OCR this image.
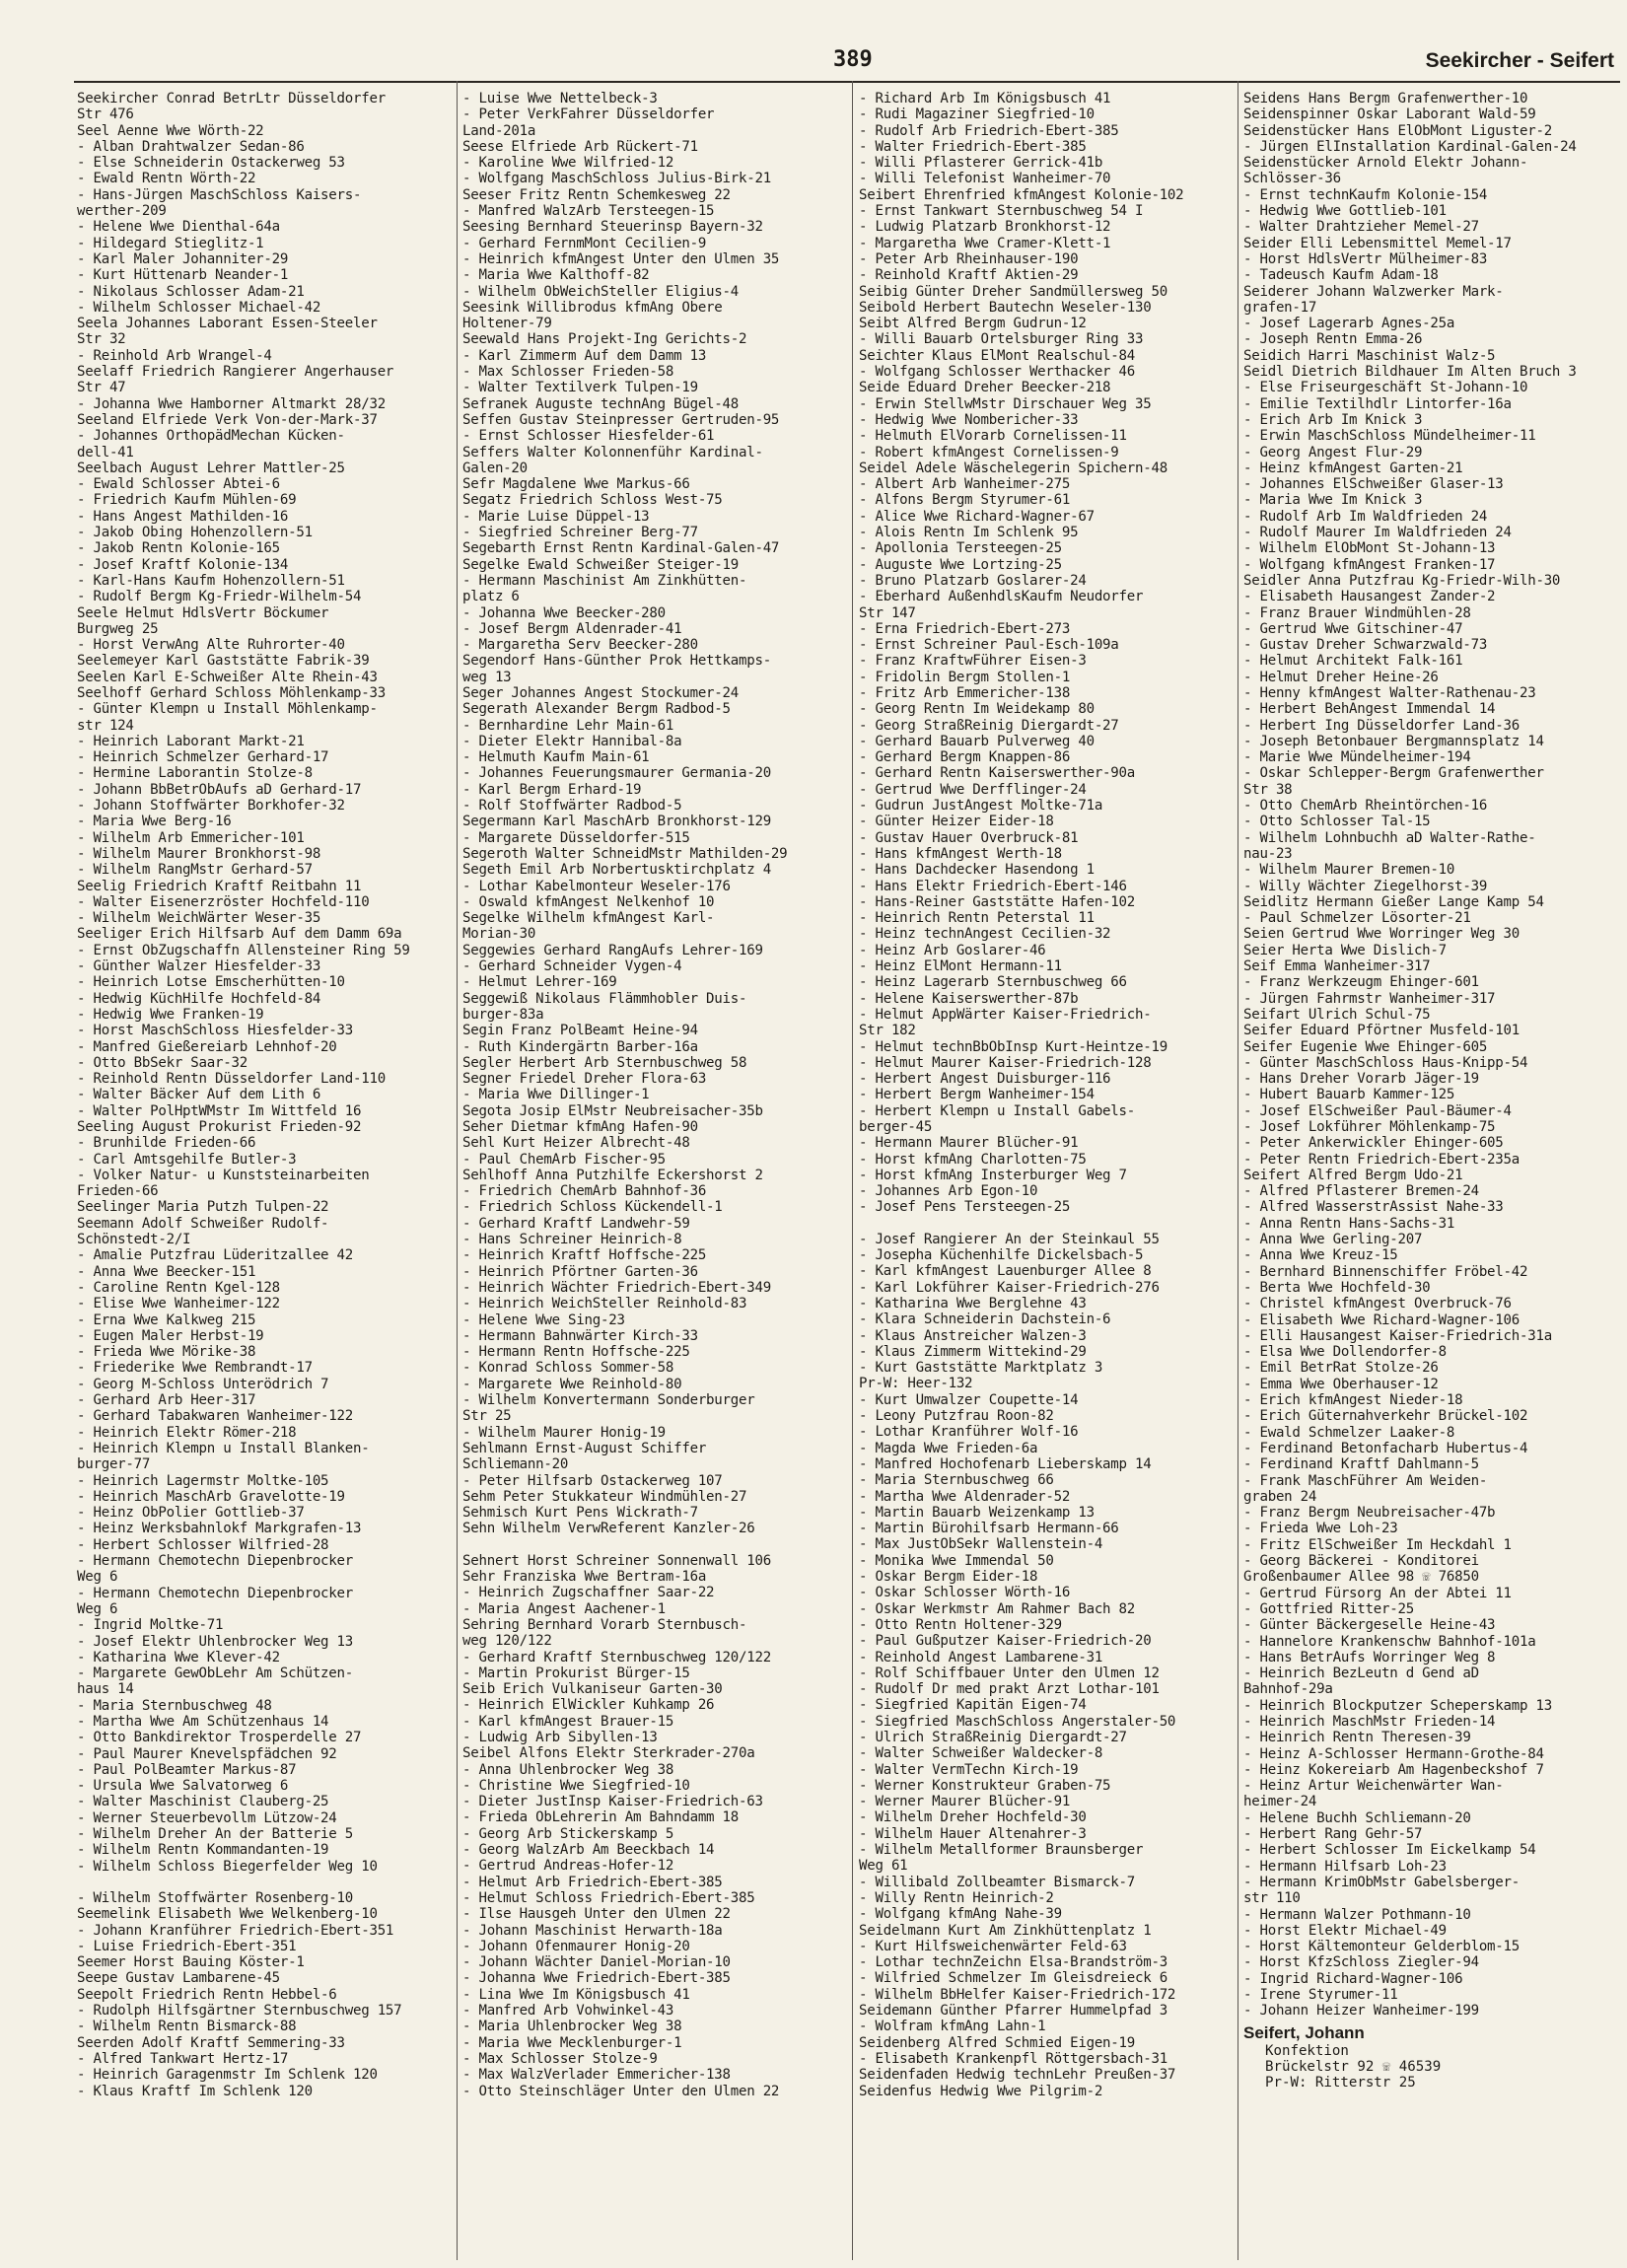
389	Seekircher - Seifert
Seekircher Conrad BetrLtr Düsseldorfer
Str 476
Seel Aenne Wwe Wörth-22
- Alban Drahtwalzer Sedan-86
- Else Schneiderin Ostackerweg 53
- Ewald Rentn Wörth-22
- Hans-Jürgen MaschSchloss Kaisers-
werther-209
- Helene Wwe Dienthal-64a
- Hildegard Stieglitz-1
- Karl Maler Johanniter-29
- Kurt Hüttenarb Neander-1
- Nikolaus Schlosser Adam-21
- Wilhelm Schlosser Michael-42
Seela Johannes Laborant Essen-Steeler
Str 32
- Reinhold Arb Wrangel-4
Seelaff Friedrich Rangierer Angerhauser
Str 47
- Johanna Wwe Hamborner Altmarkt 28/32
Seeland Elfriede Verk Von-der-Mark-37
- Johannes OrthopädMechan Kücken-
dell-41
Seelbach August Lehrer Mattler-25
- Ewald Schlosser Abtei-6
- Friedrich Kaufm Mühlen-69
- Hans Angest Mathilden-16
- Jakob Obing Hohenzollern-51
- Jakob Rentn Kolonie-165
- Josef Kraftf Kolonie-134
- Karl-Hans Kaufm Hohenzollern-51
- Rudolf Bergm Kg-Friedr-Wilhelm-54
Seele Helmut HdlsVertr Böckumer
Burgweg 25
- Horst VerwAng Alte Ruhrorter-40
Seelemeyer Karl Gaststätte Fabrik-39
Seelen Karl E-Schweißer Alte Rhein-43
Seelhoff Gerhard Schloss Möhlenkamp-33
- Günter Klempn u Install Möhlenkamp-
str 124
- Heinrich Laborant Markt-21
- Heinrich Schmelzer Gerhard-17
- Hermine Laborantin Stolze-8
- Johann BbBetrObAufs aD Gerhard-17
- Johann Stoffwärter Borkhofer-32
- Maria Wwe Berg-16
- Wilhelm Arb Emmericher-101
- Wilhelm Maurer Bronkhorst-98
- Wilhelm RangMstr Gerhard-57
Seelig Friedrich Kraftf Reitbahn 11
- Walter Eisenerzröster Hochfeld-110
- Wilhelm WeichWärter Weser-35
Seeliger Erich Hilfsarb Auf dem Damm 69a
- Ernst ObZugschaffn Allensteiner Ring 59
- Günther Walzer Hiesfelder-33
- Heinrich Lotse Emscherhütten-10
- Hedwig KüchHilfe Hochfeld-84
- Hedwig Wwe Franken-19
- Horst MaschSchloss Hiesfelder-33
- Manfred Gießereiarb Lehnhof-20
- Otto BbSekr Saar-32
- Reinhold Rentn Düsseldorfer Land-110
- Walter Bäcker Auf dem Lith 6
- Walter PolHptWMstr Im Wittfeld 16
Seeling August Prokurist Frieden-92
- Brunhilde Frieden-66
- Carl Amtsgehilfe Butler-3
- Volker Natur- u Kunststeinarbeiten
Frieden-66
Seelinger Maria Putzh Tulpen-22
Seemann Adolf Schweißer Rudolf-
Schönstedt-2/I
- Amalie Putzfrau Lüderitzallee 42
- Anna Wwe Beecker-151
- Caroline Rentn Kgel-128
- Elise Wwe Wanheimer-122
- Erna Wwe Kalkweg 215
- Eugen Maler Herbst-19
- Frieda Wwe Mörike-38
- Friederike Wwe Rembrandt-17
- Georg M-Schloss Unterödrich 7
- Gerhard Arb Heer-317
- Gerhard Tabakwaren Wanheimer-122
- Heinrich Elektr Römer-218
- Heinrich Klempn u Install Blanken-
burger-77
- Heinrich Lagermstr Moltke-105
- Heinrich MaschArb Gravelotte-19
- Heinz ObPolier Gottlieb-37
- Heinz Werksbahnlokf Markgrafen-13
- Herbert Schlosser Wilfried-28
- Hermann Chemotechn Diepenbrocker
Weg 6
- Hermann Chemotechn Diepenbrocker
Weg 6
- Ingrid Moltke-71
- Josef Elektr Uhlenbrocker Weg 13
- Katharina Wwe Klever-42
- Margarete GewObLehr Am Schützen-
haus 14
- Maria Sternbuschweg 48
- Martha Wwe Am Schützenhaus 14
- Otto Bankdirektor Trosperdelle 27
- Paul Maurer Knevelspfädchen 92
- Paul PolBeamter Markus-87
- Ursula Wwe Salvatorweg 6
- Walter Maschinist Clauberg-25
- Werner Steuerbevollm Lützow-24
- Wilhelm Dreher An der Batterie 5
- Wilhelm Rentn Kommandanten-19
- Wilhelm Schloss Biegerfelder Weg 10
- Wilhelm Stoffwärter Rosenberg-10
Seemelink Elisabeth Wwe Welkenberg-10
- Johann Kranführer Friedrich-Ebert-351
- Luise Friedrich-Ebert-351
Seemer Horst Bauing Köster-1
Seepe Gustav Lambarene-45
Seepolt Friedrich Rentn Hebbel-6
- Rudolph Hilfsgärtner Sternbuschweg 157
- Wilhelm Rentn Bismarck-88
Seerden Adolf Kraftf Semmering-33
- Alfred Tankwart Hertz-17
- Heinrich Garagenmstr Im Schlenk 120
- Klaus Kraftf Im Schlenk 120
- Luise Wwe Nettelbeck-3
- Peter VerkFahrer Düsseldorfer
Land-201a
Seese Elfriede Arb Rückert-71
- Karoline Wwe Wilfried-12
- Wolfgang MaschSchloss Julius-Birk-21
Seeser Fritz Rentn Schemkesweg 22
- Manfred WalzArb Tersteegen-15
Seesing Bernhard Steuerinsp Bayern-32
- Gerhard FernmMont Cecilien-9
- Heinrich kfmAngest Unter den Ulmen 35
- Maria Wwe Kalthoff-82
- Wilhelm ObWeichSteller Eligius-4
Seesink Willibrodus kfmAng Obere
Holtener-79
Seewald Hans Projekt-Ing Gerichts-2
- Karl Zimmerm Auf dem Damm 13
- Max Schlosser Frieden-58
- Walter Textilverk Tulpen-19
Sefranek Auguste technAng Bügel-48
Seffen Gustav Steinpresser Gertruden-95
- Ernst Schlosser Hiesfelder-61
Seffers Walter Kolonnenführ Kardinal-
Galen-20
Sefr Magdalene Wwe Markus-66
Segatz Friedrich Schloss West-75
- Marie Luise Düppel-13
- Siegfried Schreiner Berg-77
Segebarth Ernst Rentn Kardinal-Galen-47
Segelke Ewald Schweißer Steiger-19
- Hermann Maschinist Am Zinkhütten-
platz 6
- Johanna Wwe Beecker-280
- Josef Bergm Aldenrader-41
- Margaretha Serv Beecker-280
Segendorf Hans-Günther Prok Hettkamps-
weg 13
Seger Johannes Angest Stockumer-24
Segerath Alexander Bergm Radbod-5
- Bernhardine Lehr Main-61
- Dieter Elektr Hannibal-8a
- Helmuth Kaufm Main-61
- Johannes Feuerungsmaurer Germania-20
- Karl Bergm Erhard-19
- Rolf Stoffwärter Radbod-5
Segermann Karl MaschArb Bronkhorst-129
- Margarete Düsseldorfer-515
Segeroth Walter SchneidMstr Mathilden-29
Segeth Emil Arb Norbertusktirchplatz 4
- Lothar Kabelmonteur Weseler-176
- Oswald kfmAngest Nelkenhof 10
Segelke Wilhelm kfmAngest Karl-
Morian-30
Seggewies Gerhard RangAufs Lehrer-169
- Gerhard Schneider Vygen-4
- Helmut Lehrer-169
Seggewiß Nikolaus Flämmhobler Duis-
burger-83a
Segin Franz PolBeamt Heine-94
- Ruth Kindergärtn Barber-16a
Segler Herbert Arb Sternbuschweg 58
Segner Friedel Dreher Flora-63
- Maria Wwe Dillinger-1
Segota Josip ElMstr Neubreisacher-35b
Seher Dietmar kfmAng Hafen-90
Sehl Kurt Heizer Albrecht-48
- Paul ChemArb Fischer-95
Sehlhoff Anna Putzhilfe Eckershorst 2
- Friedrich ChemArb Bahnhof-36
- Friedrich Schloss Kückendell-1
- Gerhard Kraftf Landwehr-59
- Hans Schreiner Heinrich-8
- Heinrich Kraftf Hoffsche-225
- Heinrich Pförtner Garten-36
- Heinrich Wächter Friedrich-Ebert-349
- Heinrich WeichSteller Reinhold-83
- Helene Wwe Sing-23
- Hermann Bahnwärter Kirch-33
- Hermann Rentn Hoffsche-225
- Konrad Schloss Sommer-58
- Margarete Wwe Reinhold-80
- Wilhelm Konvertermann Sonderburger
Str 25
- Wilhelm Maurer Honig-19
Sehlmann Ernst-August Schiffer
Schliemann-20
- Peter Hilfsarb Ostackerweg 107
Sehm Peter Stukkateur Windmühlen-27
Sehmisch Kurt Pens Wickrath-7
Sehn Wilhelm VerwReferent Kanzler-26
Sehnert Horst Schreiner Sonnenwall 106
Sehr Franziska Wwe Bertram-16a
- Heinrich Zugschaffner Saar-22
- Maria Angest Aachener-1
Sehring Bernhard Vorarb Sternbusch-
weg 120/122
- Gerhard Kraftf Sternbuschweg 120/122
- Martin Prokurist Bürger-15
Seib Erich Vulkaniseur Garten-30
- Heinrich ElWickler Kuhkamp 26
- Karl kfmAngest Brauer-15
- Ludwig Arb Sibyllen-13
Seibel Alfons Elektr Sterkrader-270a
- Anna Uhlenbrocker Weg 38
- Christine Wwe Siegfried-10
- Dieter JustInsp Kaiser-Friedrich-63
- Frieda ObLehrerin Am Bahndamm 18
- Georg Arb Stickerskamp 5
- Georg WalzArb Am Beeckbach 14
- Gertrud Andreas-Hofer-12
- Helmut Arb Friedrich-Ebert-385
- Helmut Schloss Friedrich-Ebert-385
- Ilse Hausgeh Unter den Ulmen 22
- Johann Maschinist Herwarth-18a
- Johann Ofenmaurer Honig-20
- Johann Wächter Daniel-Morian-10
- Johanna Wwe Friedrich-Ebert-385
- Lina Wwe Im Königsbusch 41
- Manfred Arb Vohwinkel-43
- Maria Uhlenbrocker Weg 38
- Maria Wwe Mecklenburger-1
- Max Schlosser Stolze-9
- Max WalzVerlader Emmericher-138
- Otto Steinschläger Unter den Ulmen 22
- Richard Arb Im Königsbusch 41
- Rudi Magaziner Siegfried-10
- Rudolf Arb Friedrich-Ebert-385
- Walter Friedrich-Ebert-385
- Willi Pflasterer Gerrick-41b
- Willi Telefonist Wanheimer-70
Seibert Ehrenfried kfmAngest Kolonie-102
- Ernst Tankwart Sternbuschweg 54 I
- Ludwig Platzarb Bronkhorst-12
- Margaretha Wwe Cramer-Klett-1
- Peter Arb Rheinhauser-190
- Reinhold Kraftf Aktien-29
Seibig Günter Dreher Sandmüllersweg 50
Seibold Herbert Bautechn Weseler-130
Seibt Alfred Bergm Gudrun-12
- Willi Bauarb Ortelsburger Ring 33
Seichter Klaus ElMont Realschul-84
- Wolfgang Schlosser Werthacker 46
Seide Eduard Dreher Beecker-218
- Erwin StellwMstr Dirschauer Weg 35
- Hedwig Wwe Nombericher-33
- Helmuth ElVorarb Cornelissen-11
- Robert kfmAngest Cornelissen-9
Seidel Adele Wäschelegerin Spichern-48
- Albert Arb Wanheimer-275
- Alfons Bergm Styrumer-61
- Alice Wwe Richard-Wagner-67
- Alois Rentn Im Schlenk 95
- Apollonia Tersteegen-25
- Auguste Wwe Lortzing-25
- Bruno Platzarb Goslarer-24
- Eberhard AußenhdlsKaufm Neudorfer
Str 147
- Erna Friedrich-Ebert-273
- Ernst Schreiner Paul-Esch-109a
- Franz KraftwFührer Eisen-3
- Fridolin Bergm Stollen-1
- Fritz Arb Emmericher-138
- Georg Rentn Im Weidekamp 80
- Georg StraßReinig Diergardt-27
- Gerhard Bauarb Pulverweg 40
- Gerhard Bergm Knappen-86
- Gerhard Rentn Kaiserswerther-90a
- Gertrud Wwe Derfflinger-24
- Gudrun JustAngest Moltke-71a
- Günter Heizer Eider-18
- Gustav Hauer Overbruck-81
- Hans kfmAngest Werth-18
- Hans Dachdecker Hasendong 1
- Hans Elektr Friedrich-Ebert-146
- Hans-Reiner Gaststätte Hafen-102
- Heinrich Rentn Peterstal 11
- Heinz technAngest Cecilien-32
- Heinz Arb Goslarer-46
- Heinz ElMont Hermann-11
- Heinz Lagerarb Sternbuschweg 66
- Helene Kaiserswerther-87b
- Helmut AppWärter Kaiser-Friedrich-
Str 182
- Helmut technBbObInsp Kurt-Heintze-19
- Helmut Maurer Kaiser-Friedrich-128
- Herbert Angest Duisburger-116
- Herbert Bergm Wanheimer-154
- Herbert Klempn u Install Gabels-
berger-45
- Hermann Maurer Blücher-91
- Horst kfmAng Charlotten-75
- Horst kfmAng Insterburger Weg 7
- Johannes Arb Egon-10
- Josef Pens Tersteegen-25
- Josef Rangierer An der Steinkaul 55
- Josepha Küchenhilfe Dickelsbach-5
- Karl kfmAngest Lauenburger Allee 8
- Karl Lokführer Kaiser-Friedrich-276
- Katharina Wwe Berglehne 43
- Klara Schneiderin Dachstein-6
- Klaus Anstreicher Walzen-3
- Klaus Zimmerm Wittekind-29
- Kurt Gaststätte Marktplatz 3
Pr-W: Heer-132
- Kurt Umwalzer Coupette-14
- Leony Putzfrau Roon-82
- Lothar Kranführer Wolf-16
- Magda Wwe Frieden-6a
- Manfred Hochofenarb Lieberskamp 14
- Maria Sternbuschweg 66
- Martha Wwe Aldenrader-52
- Martin Bauarb Weizenkamp 13
- Martin Bürohilfsarb Hermann-66
- Max JustObSekr Wallenstein-4
- Monika Wwe Immendal 50
- Oskar Bergm Eider-18
- Oskar Schlosser Wörth-16
- Oskar Werkmstr Am Rahmer Bach 82
- Otto Rentn Holtener-329
- Paul Gußputzer Kaiser-Friedrich-20
- Reinhold Angest Lambarene-31
- Rolf Schiffbauer Unter den Ulmen 12
- Rudolf Dr med prakt Arzt Lothar-101
- Siegfried Kapitän Eigen-74
- Siegfried MaschSchloss Angerstaler-50
- Ulrich StraßReinig Diergardt-27
- Walter Schweißer Waldecker-8
- Walter VermTechn Kirch-19
- Werner Konstrukteur Graben-75
- Werner Maurer Blücher-91
- Wilhelm Dreher Hochfeld-30
- Wilhelm Hauer Altenahrer-3
- Wilhelm Metallformer Braunsberger
Weg 61
- Willibald Zollbeamter Bismarck-7
- Willy Rentn Heinrich-2
- Wolfgang kfmAng Nahe-39
Seidelmann Kurt Am Zinkhüttenplatz 1
- Kurt Hilfsweichenwärter Feld-63
- Lothar technZeichn Elsa-Brandström-3
- Wilfried Schmelzer Im Gleisdreieck 6
- Wilhelm BbHelfer Kaiser-Friedrich-172
Seidemann Günther Pfarrer Hummelpfad 3
- Wolfram kfmAng Lahn-1
Seidenberg Alfred Schmied Eigen-19
- Elisabeth Krankenpfl Röttgersbach-31
Seidenfaden Hedwig technLehr Preußen-37
Seidenfus Hedwig Wwe Pilgrim-2
Seidens Hans Bergm Grafenwerther-10
Seidenspinner Oskar Laborant Wald-59
Seidenstücker Hans ElObMont Liguster-2
- Jürgen ElInstallation Kardinal-Galen-24
Seidenstücker Arnold Elektr Johann-
Schlösser-36
- Ernst technKaufm Kolonie-154
- Hedwig Wwe Gottlieb-101
- Walter Drahtzieher Memel-27
Seider Elli Lebensmittel Memel-17
- Horst HdlsVertr Mülheimer-83
- Tadeusch Kaufm Adam-18
Seiderer Johann Walzwerker Mark-
grafen-17
- Josef Lagerarb Agnes-25a
- Joseph Rentn Emma-26
Seidich Harri Maschinist Walz-5
Seidl Dietrich Bildhauer Im Alten Bruch 3
- Else Friseurgeschäft St-Johann-10
- Emilie Textilhdlr Lintorfer-16a
- Erich Arb Im Knick 3
- Erwin MaschSchloss Mündelheimer-11
- Georg Angest Flur-29
- Heinz kfmAngest Garten-21
- Johannes ElSchweißer Glaser-13
- Maria Wwe Im Knick 3
- Rudolf Arb Im Waldfrieden 24
- Rudolf Maurer Im Waldfrieden 24
- Wilhelm ElObMont St-Johann-13
- Wolfgang kfmAngest Franken-17
Seidler Anna Putzfrau Kg-Friedr-Wilh-30
- Elisabeth Hausangest Zander-2
- Franz Brauer Windmühlen-28
- Gertrud Wwe Gitschiner-47
- Gustav Dreher Schwarzwald-73
- Helmut Architekt Falk-161
- Helmut Dreher Heine-26
- Henny kfmAngest Walter-Rathenau-23
- Herbert BehAngest Immendal 14
- Herbert Ing Düsseldorfer Land-36
- Joseph Betonbauer Bergmannsplatz 14
- Marie Wwe Mündelheimer-194
- Oskar Schlepper-Bergm Grafenwerther
Str 38
- Otto ChemArb Rheintörchen-16
- Otto Schlosser Tal-15
- Wilhelm Lohnbuchh aD Walter-Rathe-
nau-23
- Wilhelm Maurer Bremen-10
- Willy Wächter Ziegelhorst-39
Seidlitz Hermann Gießer Lange Kamp 54
- Paul Schmelzer Lösorter-21
Seien Gertrud Wwe Worringer Weg 30
Seier Herta Wwe Dislich-7
Seif Emma Wanheimer-317
- Franz Werkzeugm Ehinger-601
- Jürgen Fahrmstr Wanheimer-317
Seifart Ulrich Schul-75
Seifer Eduard Pförtner Musfeld-101
Seifer Eugenie Wwe Ehinger-605
- Günter MaschSchloss Haus-Knipp-54
- Hans Dreher Vorarb Jäger-19
- Hubert Bauarb Kammer-125
- Josef ElSchweißer Paul-Bäumer-4
- Josef Lokführer Möhlenkamp-75
- Peter Ankerwickler Ehinger-605
- Peter Rentn Friedrich-Ebert-235a
Seifert Alfred Bergm Udo-21
- Alfred Pflasterer Bremen-24
- Alfred WasserstrAssist Nahe-33
- Anna Rentn Hans-Sachs-31
- Anna Wwe Gerling-207
- Anna Wwe Kreuz-15
- Bernhard Binnenschiffer Fröbel-42
- Berta Wwe Hochfeld-30
- Christel kfmAngest Overbruck-76
- Elisabeth Wwe Richard-Wagner-106
- Elli Hausangest Kaiser-Friedrich-31a
- Elsa Wwe Dollendorfer-8
- Emil BetrRat Stolze-26
- Emma Wwe Oberhauser-12
- Erich kfmAngest Nieder-18
- Erich Güternahverkehr Brückel-102
- Ewald Schmelzer Laaker-8
- Ferdinand Betonfacharb Hubertus-4
- Ferdinand Kraftf Dahlmann-5
- Frank MaschFührer Am Weiden-
graben 24
- Franz Bergm Neubreisacher-47b
- Frieda Wwe Loh-23
- Fritz ElSchweißer Im Heckdahl 1
- Georg Bäckerei - Konditorei
Großenbaumer Allee 98 ☏ 76850
- Gertrud Fürsorg An der Abtei 11
- Gottfried Ritter-25
- Günter Bäckergeselle Heine-43
- Hannelore Krankenschw Bahnhof-101a
- Hans BetrAufs Worringer Weg 8
- Heinrich BezLeutn d Gend aD
Bahnhof-29a
- Heinrich Blockputzer Scheperskamp 13
- Heinrich MaschMstr Frieden-14
- Heinrich Rentn Theresen-39
- Heinz A-Schlosser Hermann-Grothe-84
- Heinz Kokereiarb Am Hagenbeckshof 7
- Heinz Artur Weichenwärter Wan-
heimer-24
- Helene Buchh Schliemann-20
- Herbert Rang Gehr-57
- Herbert Schlosser Im Eickelkamp 54
- Hermann Hilfsarb Loh-23
- Hermann KrimObMstr Gabelsberger-
str 110
- Hermann Walzer Pothmann-10
- Horst Elektr Michael-49
- Horst Kältemonteur Gelderblom-15
- Horst KfzSchloss Ziegler-94
- Ingrid Richard-Wagner-106
- Irene Styrumer-11
- Johann Heizer Wanheimer-199
Seifert, Johann
Konfektion
Brückelstr 92 ☏ 46539
Pr-W: Ritterstr 25
